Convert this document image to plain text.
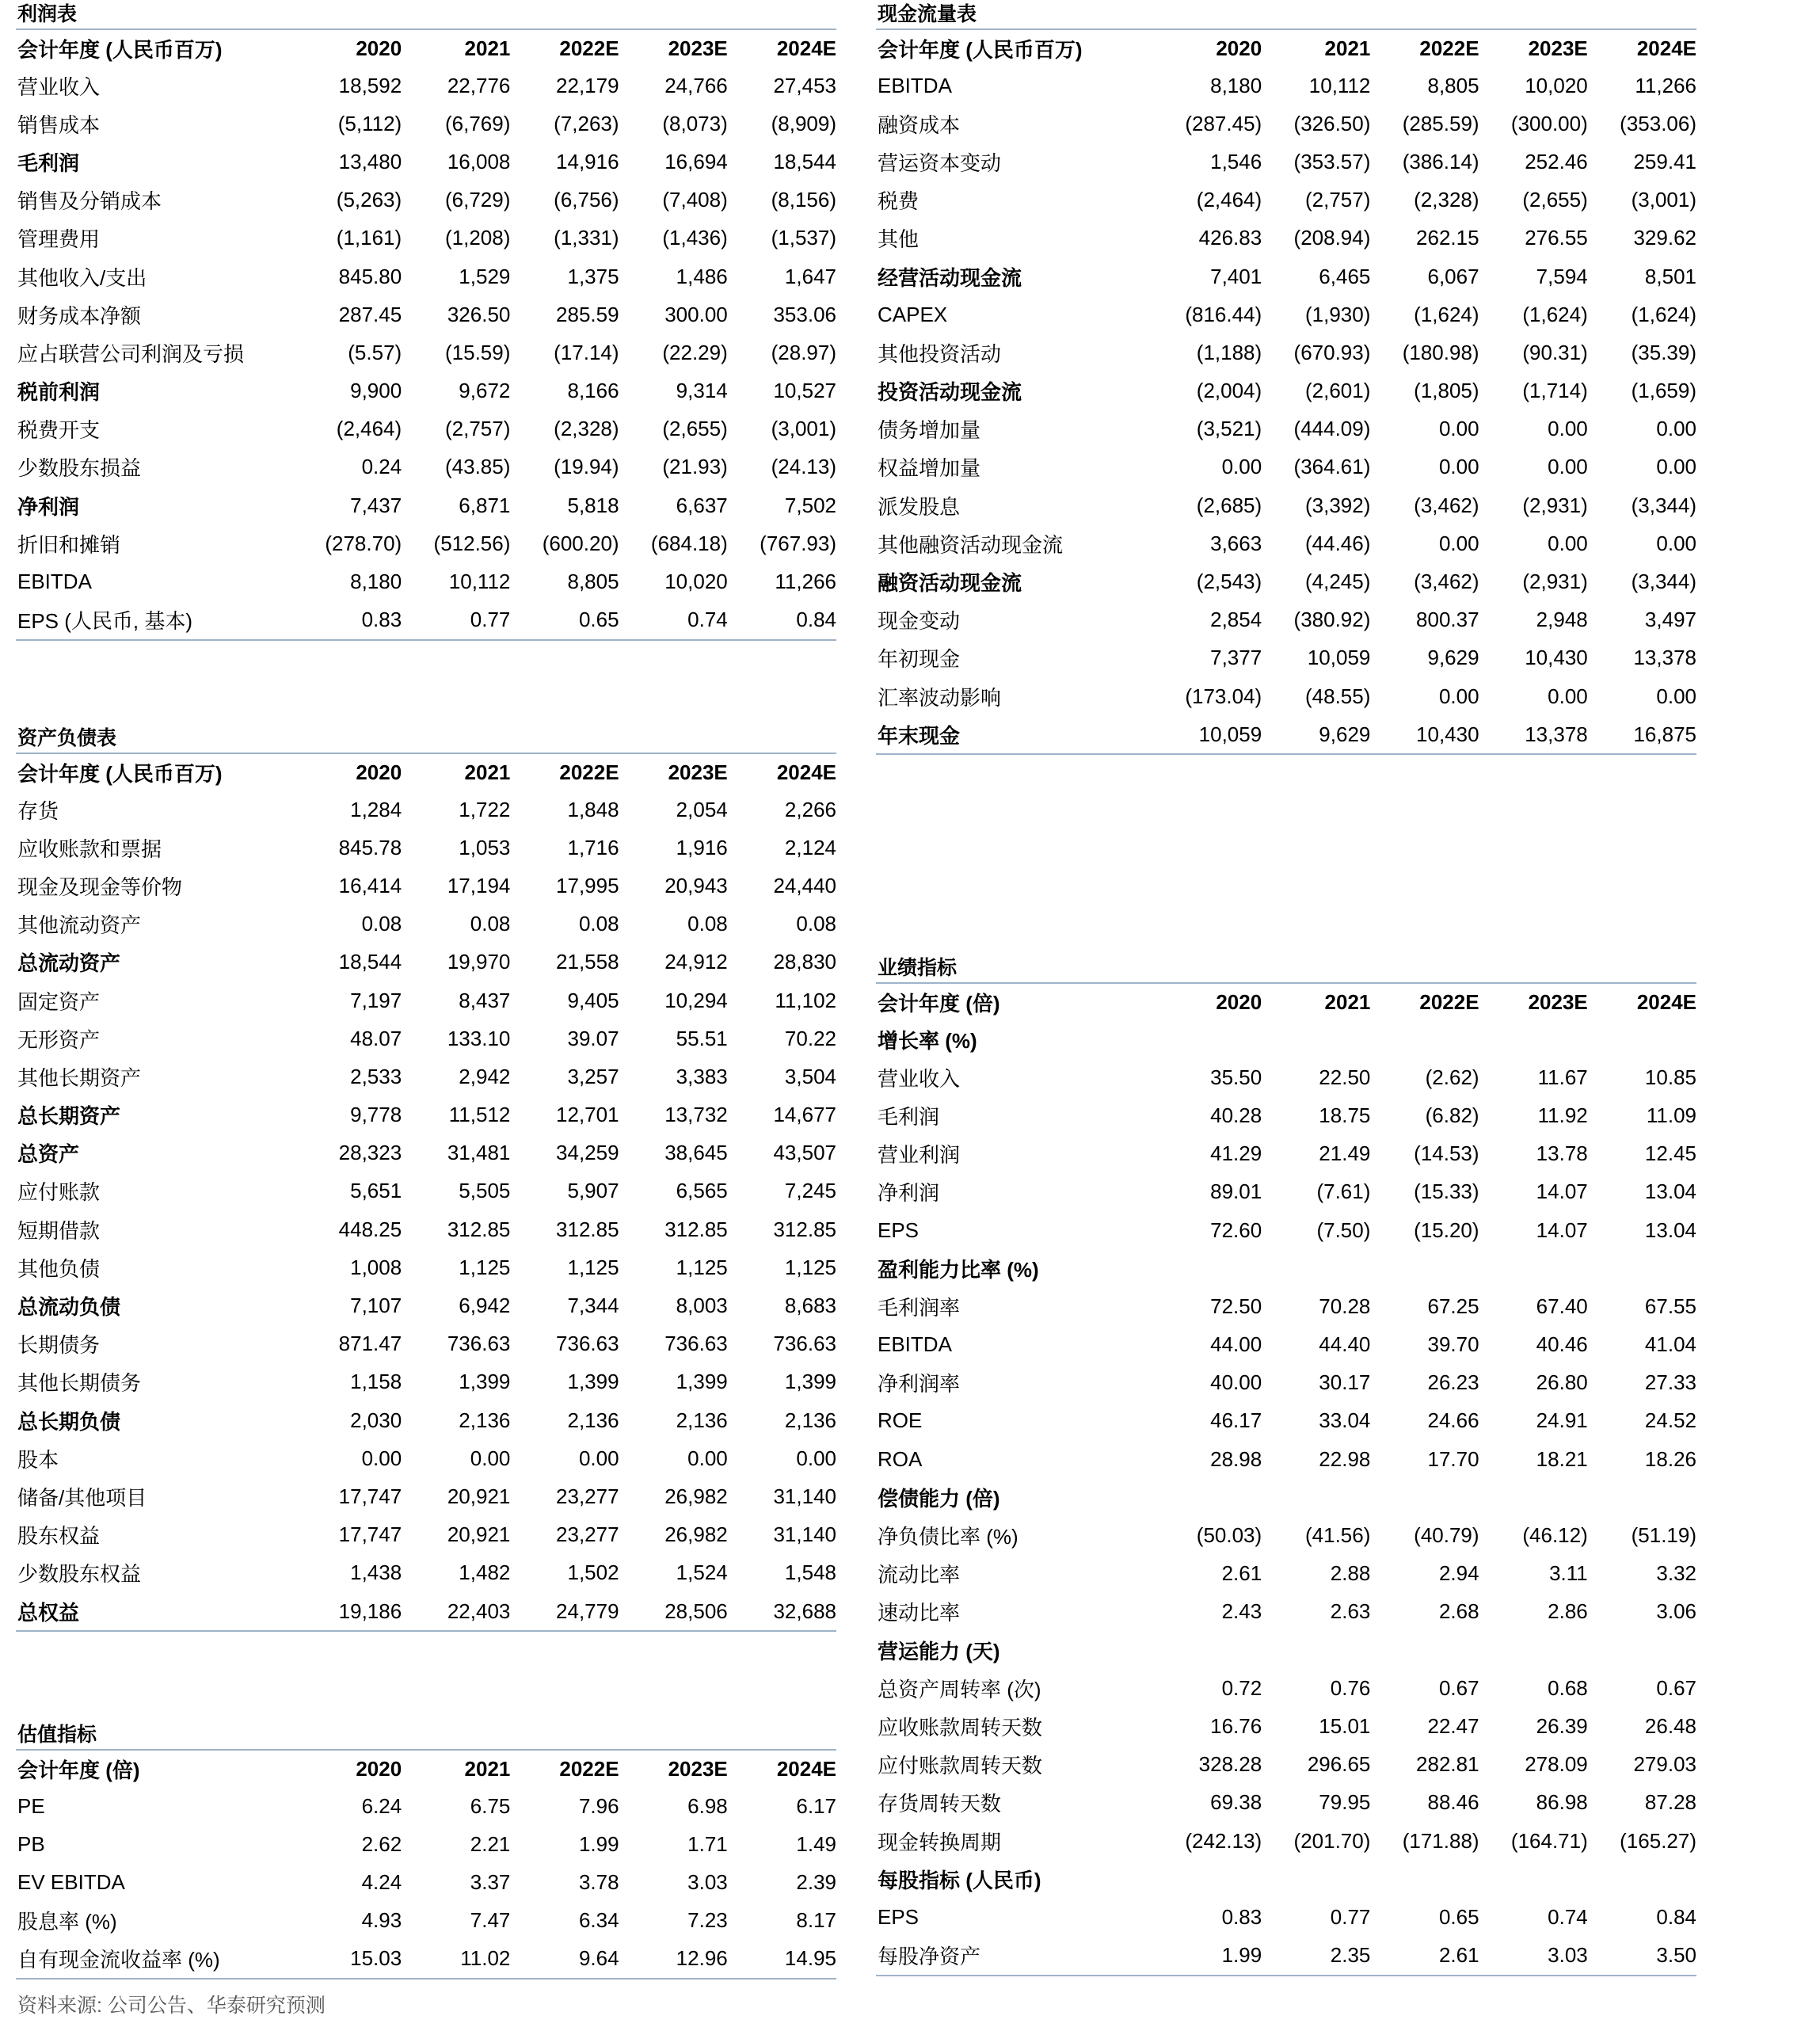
利润表
会计年度 (人民币百万)	2020	2021	2022E	2023E	2024E
营业收入	18,592	22,776	22,179	24,766	27,453
销售成本	(5,112)	(6,769)	(7,263)	(8,073)	(8,909)
毛利润	13,480	16,008	14,916	16,694	18,544
销售及分销成本	(5,263)	(6,729)	(6,756)	(7,408)	(8,156)
管理费用	(1,161)	(1,208)	(1,331)	(1,436)	(1,537)
其他收入/支出	845.80	1,529	1,375	1,486	1,647
财务成本净额	287.45	326.50	285.59	300.00	353.06
应占联营公司利润及亏损	(5.57)	(15.59)	(17.14)	(22.29)	(28.97)
税前利润	9,900	9,672	8,166	9,314	10,527
税费开支	(2,464)	(2,757)	(2,328)	(2,655)	(3,001)
少数股东损益	0.24	(43.85)	(19.94)	(21.93)	(24.13)
净利润	7,437	6,871	5,818	6,637	7,502
折旧和摊销	(278.70)	(512.56)	(600.20)	(684.18)	(767.93)
EBITDA	8,180	10,112	8,805	10,020	11,266
EPS (人民币, 基本)	0.83	0.77	0.65	0.74	0.84
现金流量表
会计年度 (人民币百万)	2020	2021	2022E	2023E	2024E
EBITDA	8,180	10,112	8,805	10,020	11,266
融资成本	(287.45)	(326.50)	(285.59)	(300.00)	(353.06)
营运资本变动	1,546	(353.57)	(386.14)	252.46	259.41
税费	(2,464)	(2,757)	(2,328)	(2,655)	(3,001)
其他	426.83	(208.94)	262.15	276.55	329.62
经营活动现金流	7,401	6,465	6,067	7,594	8,501
CAPEX	(816.44)	(1,930)	(1,624)	(1,624)	(1,624)
其他投资活动	(1,188)	(670.93)	(180.98)	(90.31)	(35.39)
投资活动现金流	(2,004)	(2,601)	(1,805)	(1,714)	(1,659)
债务增加量	(3,521)	(444.09)	0.00	0.00	0.00
权益增加量	0.00	(364.61)	0.00	0.00	0.00
派发股息	(2,685)	(3,392)	(3,462)	(2,931)	(3,344)
其他融资活动现金流	3,663	(44.46)	0.00	0.00	0.00
融资活动现金流	(2,543)	(4,245)	(3,462)	(2,931)	(3,344)
现金变动	2,854	(380.92)	800.37	2,948	3,497
年初现金	7,377	10,059	9,629	10,430	13,378
汇率波动影响	(173.04)	(48.55)	0.00	0.00	0.00
年末现金	10,059	9,629	10,430	13,378	16,875
资产负债表
会计年度 (人民币百万)	2020	2021	2022E	2023E	2024E
存货	1,284	1,722	1,848	2,054	2,266
应收账款和票据	845.78	1,053	1,716	1,916	2,124
现金及现金等价物	16,414	17,194	17,995	20,943	24,440
其他流动资产	0.08	0.08	0.08	0.08	0.08
总流动资产	18,544	19,970	21,558	24,912	28,830
固定资产	7,197	8,437	9,405	10,294	11,102
无形资产	48.07	133.10	39.07	55.51	70.22
其他长期资产	2,533	2,942	3,257	3,383	3,504
总长期资产	9,778	11,512	12,701	13,732	14,677
总资产	28,323	31,481	34,259	38,645	43,507
应付账款	5,651	5,505	5,907	6,565	7,245
短期借款	448.25	312.85	312.85	312.85	312.85
其他负债	1,008	1,125	1,125	1,125	1,125
总流动负债	7,107	6,942	7,344	8,003	8,683
长期债务	871.47	736.63	736.63	736.63	736.63
其他长期债务	1,158	1,399	1,399	1,399	1,399
总长期负债	2,030	2,136	2,136	2,136	2,136
股本	0.00	0.00	0.00	0.00	0.00
储备/其他项目	17,747	20,921	23,277	26,982	31,140
股东权益	17,747	20,921	23,277	26,982	31,140
少数股东权益	1,438	1,482	1,502	1,524	1,548
总权益	19,186	22,403	24,779	28,506	32,688
业绩指标
会计年度 (倍)	2020	2021	2022E	2023E	2024E
增长率 (%)					
营业收入	35.50	22.50	(2.62)	11.67	10.85
毛利润	40.28	18.75	(6.82)	11.92	11.09
营业利润	41.29	21.49	(14.53)	13.78	12.45
净利润	89.01	(7.61)	(15.33)	14.07	13.04
EPS	72.60	(7.50)	(15.20)	14.07	13.04
盈利能力比率 (%)					
毛利润率	72.50	70.28	67.25	67.40	67.55
EBITDA	44.00	44.40	39.70	40.46	41.04
净利润率	40.00	30.17	26.23	26.80	27.33
ROE	46.17	33.04	24.66	24.91	24.52
ROA	28.98	22.98	17.70	18.21	18.26
偿债能力 (倍)					
净负债比率 (%)	(50.03)	(41.56)	(40.79)	(46.12)	(51.19)
流动比率	2.61	2.88	2.94	3.11	3.32
速动比率	2.43	2.63	2.68	2.86	3.06
营运能力 (天)					
总资产周转率 (次)	0.72	0.76	0.67	0.68	0.67
应收账款周转天数	16.76	15.01	22.47	26.39	26.48
应付账款周转天数	328.28	296.65	282.81	278.09	279.03
存货周转天数	69.38	79.95	88.46	86.98	87.28
现金转换周期	(242.13)	(201.70)	(171.88)	(164.71)	(165.27)
每股指标 (人民币)					
EPS	0.83	0.77	0.65	0.74	0.84
每股净资产	1.99	2.35	2.61	3.03	3.50
估值指标
会计年度 (倍)	2020	2021	2022E	2023E	2024E
PE	6.24	6.75	7.96	6.98	6.17
PB	2.62	2.21	1.99	1.71	1.49
EV EBITDA	4.24	3.37	3.78	3.03	2.39
股息率 (%)	4.93	7.47	6.34	7.23	8.17
自有现金流收益率 (%)	15.03	11.02	9.64	12.96	14.95
资料来源: 公司公告、华泰研究预测
